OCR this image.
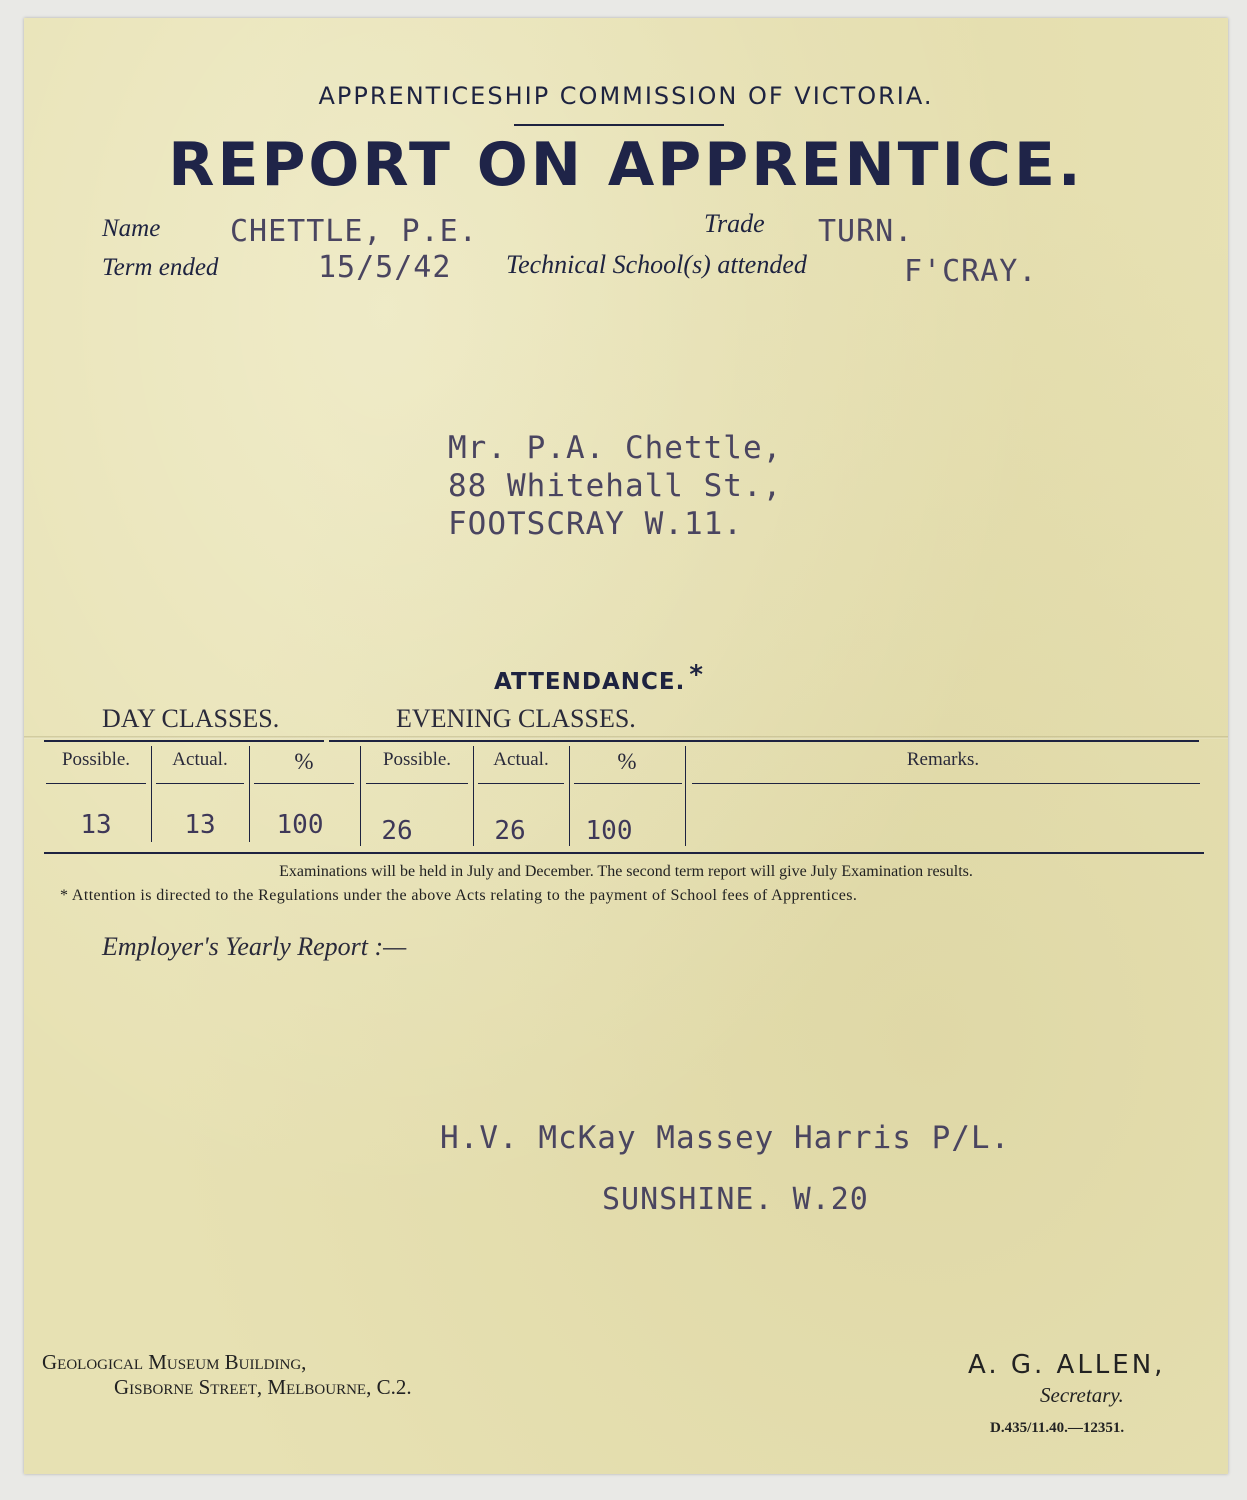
APPRENTICESHIP COMMISSION OF VICTORIA.
REPORT ON APPRENTICE.
Name CHETTLE, P.E.	Trade TURN.
Term ended	15/5/42 Technical School(s) attended	F'CRAY.
Mr. P.A. Chettle,
88 Whitehall St.,
FOOTSCRAY W.11.
ATTENDANCE. *
DAY CLASSES.	EVENING CLASSES.
Possible.	Actual.	%	Possible.	Actual.	%	Remarks.
13	13	100	26	26	100
Examinations will be held in July and December. The second term report will give July Examination results.
* Attention is directed to the Regulations under the above Acts relating to the payment of School fees of Apprentices.
Employer's Yearly Report :—
H.V. McKay Massey Harris P/L.
SUNSHINE. W.20
Geological Museum Building,
Gisborne Street, Melbourne, C.2.
A. G. ALLEN,
Secretary.
D.435/11.40.—12351.
